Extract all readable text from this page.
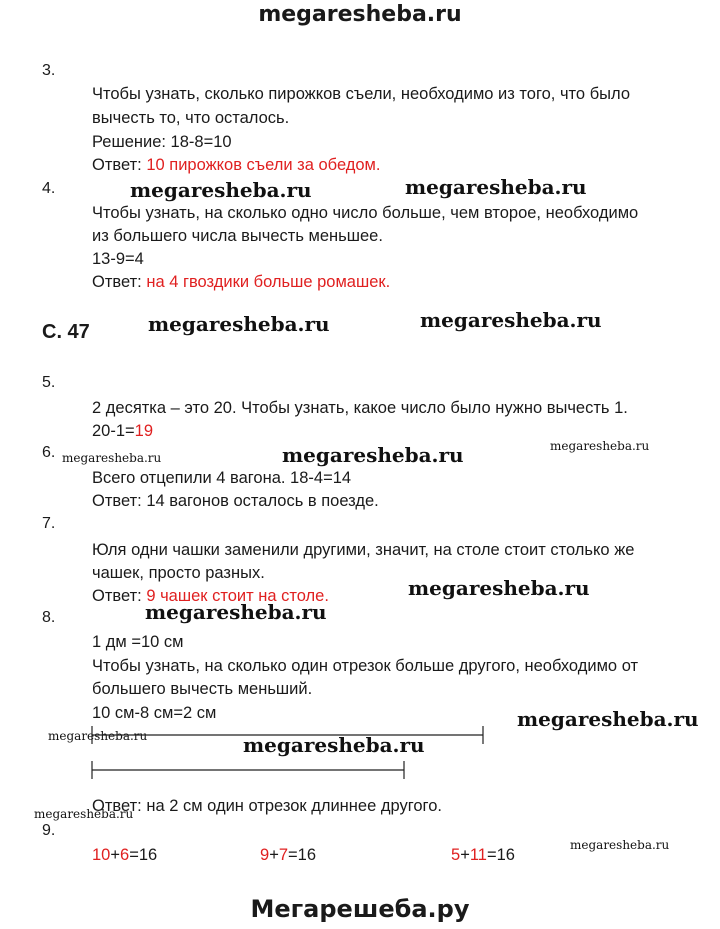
megaresheba.ru
3.
Чтобы узнать, сколько пирожков съели, необходимо из того, что было
вычесть то, что осталось.
Решение: 18-8=10
Ответ: 10 пирожков съели за обедом.
4.	megaresheba.ru	megaresheba.ru
Чтобы узнать, на сколько одно число больше, чем второе, необходимо
из большего числа вычесть меньшее.
13-9=4
Ответ: на 4 гвоздики больше ромашек.
С. 47	megaresheba.ru	megaresheba.ru
5.
2 десятка – это 20. Чтобы узнать, какое число было нужно вычесть 1.
20-1=19
6. megaresheba.ru	megaresheba.ru	megaresheba.ru
Всего отцепили 4 вагона. 18-4=14
Ответ: 14 вагонов осталось в поезде.
7.
Юля одни чашки заменили другими, значит, на столе стоит столько же
чашек, просто разных.
Ответ: 9 чашек стоит на столе.	megaresheba.ru
megaresheba.ru
8.
1 дм =10 см
Чтобы узнать, на сколько один отрезок больше другого, необходимо от
большего вычесть меньший.
10 см-8 см=2 см	megaresheba.ru
megaresheba.ru	megaresheba.ru
Ответ: на 2 см один отрезок длиннее другого.
megaresheba.ru
9.
megaresheba.ru
10+6=16	9+7=16	5+11=16
Мегарешеба.ру
